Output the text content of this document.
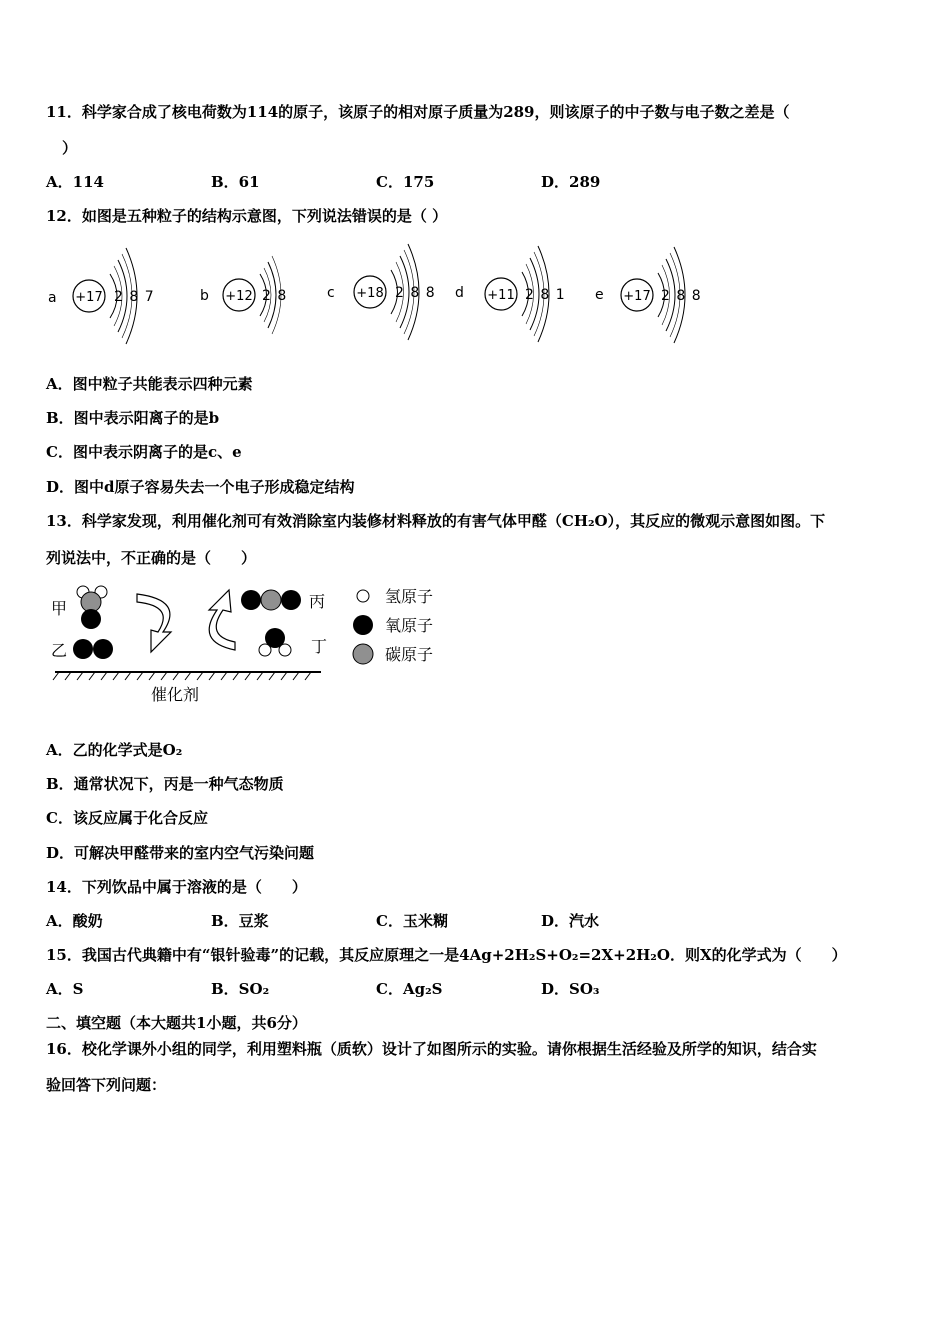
11．科学家合成了核电荷数为114的原子，该原子的相对原子质量为289，则该原子的中子数与电子数之差是（
）
A．114	B．61	C．175	D．289
12．如图是五种粒子的结构示意图，下列说法错误的是（ ）
a +17 2 8 7	b +12 2 8	c +18 2 8 8 d +11 2 8 1 e +17 2 8 8
A．图中粒子共能表示四种元素
B．图中表示阳离子的是b
C．图中表示阴离子的是c、e
D．图中d原子容易失去一个电子形成稳定结构
13．科学家发现，利用催化剂可有效消除室内装修材料释放的有害气体甲醛（CH₂O），其反应的微观示意图如图。下
列说法中，不正确的是（　　）
甲
乙
丙
丁
催化剂
氢原子
氧原子
碳原子
A．乙的化学式是O₂
B．通常状况下，丙是一种气态物质
C．该反应属于化合反应
D．可解决甲醛带来的室内空气污染问题
14．下列饮品中属于溶液的是（　　）
A．酸奶	B．豆浆	C．玉米糊	D．汽水
15．我国古代典籍中有“银针验毒”的记载，其反应原理之一是4Ag+2H₂S+O₂=2X+2H₂O．则X的化学式为（　　）
A．S	B．SO₂	C．Ag₂S	D．SO₃
二、填空题（本大题共1小题，共6分）
16．校化学课外小组的同学，利用塑料瓶（质软）设计了如图所示的实验。请你根据生活经验及所学的知识，结合实
验回答下列问题：
